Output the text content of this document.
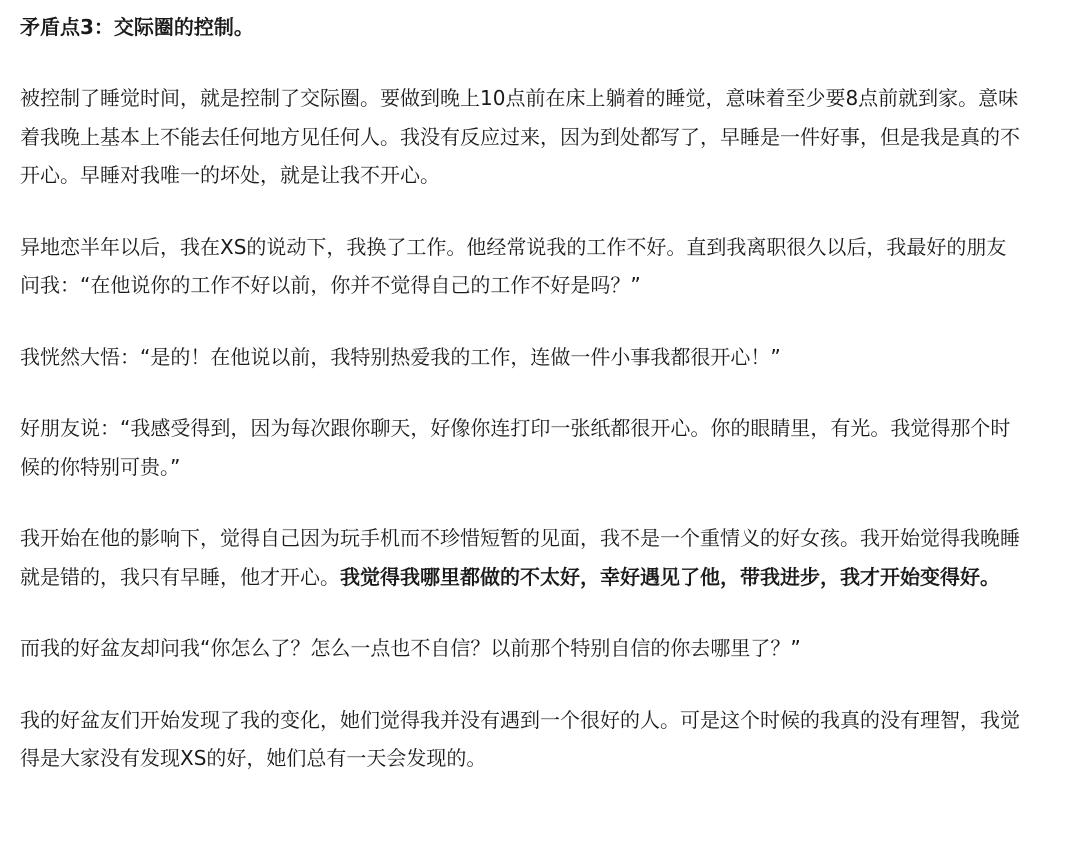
矛盾点3：交际圈的控制。

被控制了睡觉时间，就是控制了交际圈。要做到晚上10点前在床上躺着的睡觉，意味着至少要8点前就到家。意味着我晚上基本上不能去任何地方见任何人。我没有反应过来，因为到处都写了，早睡是一件好事，但是我是真的不开心。早睡对我唯一的坏处，就是让我不开心。

异地恋半年以后，我在XS的说动下，我换了工作。他经常说我的工作不好。直到我离职很久以后，我最好的朋友问我：“在他说你的工作不好以前，你并不觉得自己的工作不好是吗？”

我恍然大悟：“是的！在他说以前，我特别热爱我的工作，连做一件小事我都很开心！”

好朋友说：“我感受得到，因为每次跟你聊天，好像你连打印一张纸都很开心。你的眼睛里，有光。我觉得那个时候的你特别可贵。”

我开始在他的影响下，觉得自己因为玩手机而不珍惜短暂的见面，我不是一个重情义的好女孩。我开始觉得我晚睡就是错的，我只有早睡，他才开心。我觉得我哪里都做的不太好，幸好遇见了他，带我进步，我才开始变得好。

而我的好盆友却问我“你怎么了？怎么一点也不自信？以前那个特别自信的你去哪里了？”

我的好盆友们开始发现了我的变化，她们觉得我并没有遇到一个很好的人。可是这个时候的我真的没有理智，我觉得是大家没有发现XS的好，她们总有一天会发现的。
